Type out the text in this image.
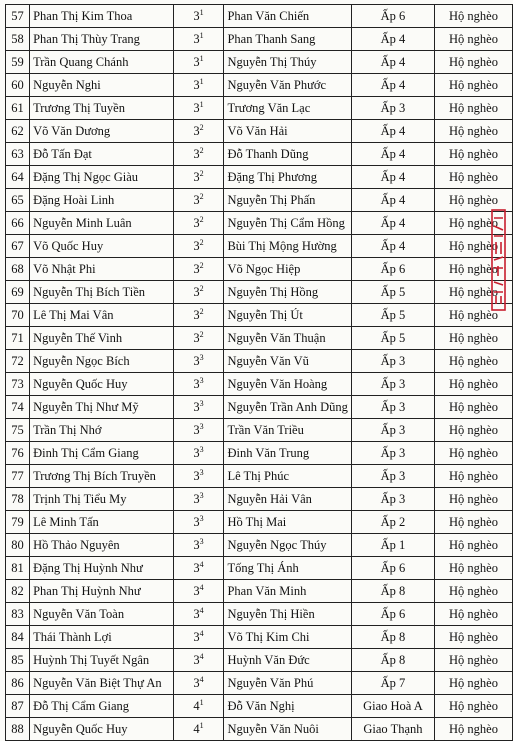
57	Phan Thị Kim Thoa	$3^1$	Phan Văn Chiến	Ấp 6	Hộ nghèo
58	Phan Thị Thùy Trang	$3^1$	Phan Thanh Sang	Ấp 4	Hộ nghèo
59	Trần Quang Chánh	$3^1$	Nguyễn Thị Thúy	Ấp 4	Hộ nghèo
60	Nguyễn Nghi	$3^1$	Nguyễn Văn Phước	Ấp 4	Hộ nghèo
61	Trương Thị Tuyền	$3^1$	Trương Văn Lạc	Ấp 3	Hộ nghèo
62	Võ Văn Dương	$3^2$	Võ Văn Hải	Ấp 4	Hộ nghèo
63	Đỗ Tấn Đạt	$3^2$	Đỗ Thanh Dũng	Ấp 4	Hộ nghèo
64	Đặng Thị Ngọc Giàu	$3^2$	Đặng Thị Phương	Ấp 4	Hộ nghèo
65	Đặng Hoài Linh	$3^2$	Nguyễn Thị Phấn	Ấp 4	Hộ nghèo
66	Nguyễn Minh Luân	$3^2$	Nguyễn Thị Cẩm Hồng	Ấp 4	Hộ nghèo
67	Võ Quốc Huy	$3^2$	Bùi Thị Mộng Hường	Ấp 4	Hộ nghèo
68	Võ Nhật Phi	$3^2$	Võ Ngọc Hiệp	Ấp 6	Hộ nghèo
69	Nguyễn Thị Bích Tiền	$3^2$	Nguyễn Thị Hồng	Ấp 5	Hộ nghèo
70	Lê Thị Mai Vân	$3^2$	Nguyễn Thị Út	Ấp 5	Hộ nghèo
71	Nguyễn Thế Vinh	$3^2$	Nguyễn Văn Thuận	Ấp 5	Hộ nghèo
72	Nguyễn Ngọc Bích	$3^3$	Nguyễn Văn Vũ	Ấp 3	Hộ nghèo
73	Nguyễn Quốc Huy	$3^3$	Nguyễn Văn Hoàng	Ấp 3	Hộ nghèo
74	Nguyễn Thị Như Mỹ	$3^3$	Nguyễn Trần Anh Dũng	Ấp 3	Hộ nghèo
75	Trần Thị Nhớ	$3^3$	Trần Văn Triều	Ấp 3	Hộ nghèo
76	Đinh Thị Cẩm Giang	$3^3$	Đinh Văn Trung	Ấp 3	Hộ nghèo
77	Trương Thị Bích Truyền	$3^3$	Lê Thị Phúc	Ấp 3	Hộ nghèo
78	Trịnh Thị Tiểu My	$3^3$	Nguyễn Hải Vân	Ấp 3	Hộ nghèo
79	Lê Minh Tấn	$3^3$	Hồ Thị Mai	Ấp 2	Hộ nghèo
80	Hồ Thảo Nguyên	$3^3$	Nguyễn Ngọc Thúy	Ấp 1	Hộ nghèo
81	Đặng Thị Huỳnh Như	$3^4$	Tống Thị Ánh	Ấp 6	Hộ nghèo
82	Phan Thị Huỳnh Như	$3^4$	Phan Văn Minh	Ấp 8	Hộ nghèo
83	Nguyễn Văn Toàn	$3^4$	Nguyễn Thị Hiền	Ấp 6	Hộ nghèo
84	Thái Thành Lợi	$3^4$	Võ Thị Kim Chi	Ấp 8	Hộ nghèo
85	Huỳnh Thị Tuyết Ngân	$3^4$	Huỳnh Văn Đức	Ấp 8	Hộ nghèo
86	Nguyễn Văn Biệt Thự An	$3^4$	Nguyễn Văn Phú	Ấp 7	Hộ nghèo
87	Đỗ Thị Cẩm Giang	$4^1$	Đỗ Văn Nghị	Giao Hoà A	Hộ nghèo
88	Nguyễn Quốc Huy	$4^1$	Nguyễn Văn Nuôi	Giao Thạnh	Hộ nghèo
